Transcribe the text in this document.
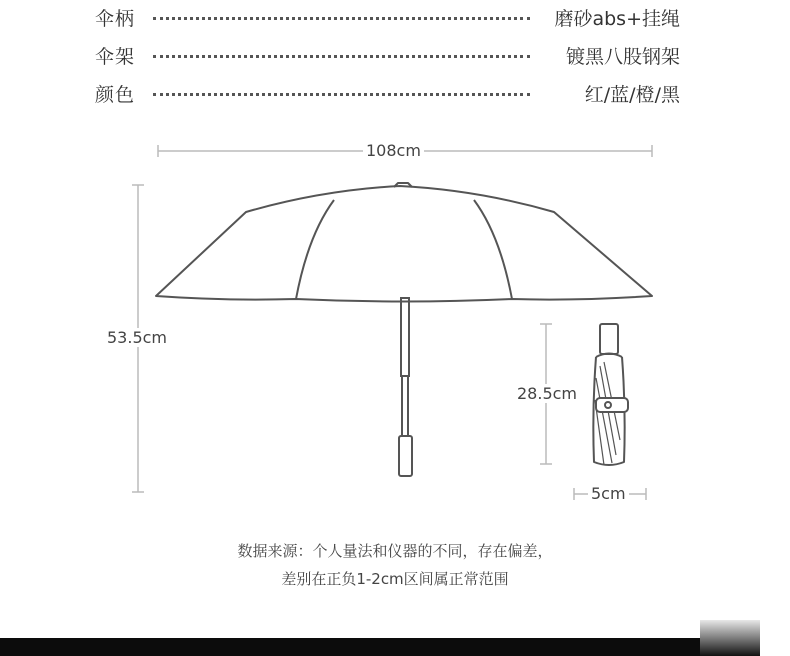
伞柄	磨砂abs+挂绳
伞架	镀黑八股钢架
颜色	红/蓝/橙/黑
108cm
53.5cm
28.5cm
5cm
数据来源：个人量法和仪器的不同，存在偏差，
差别在正负1-2cm区间属正常范围
